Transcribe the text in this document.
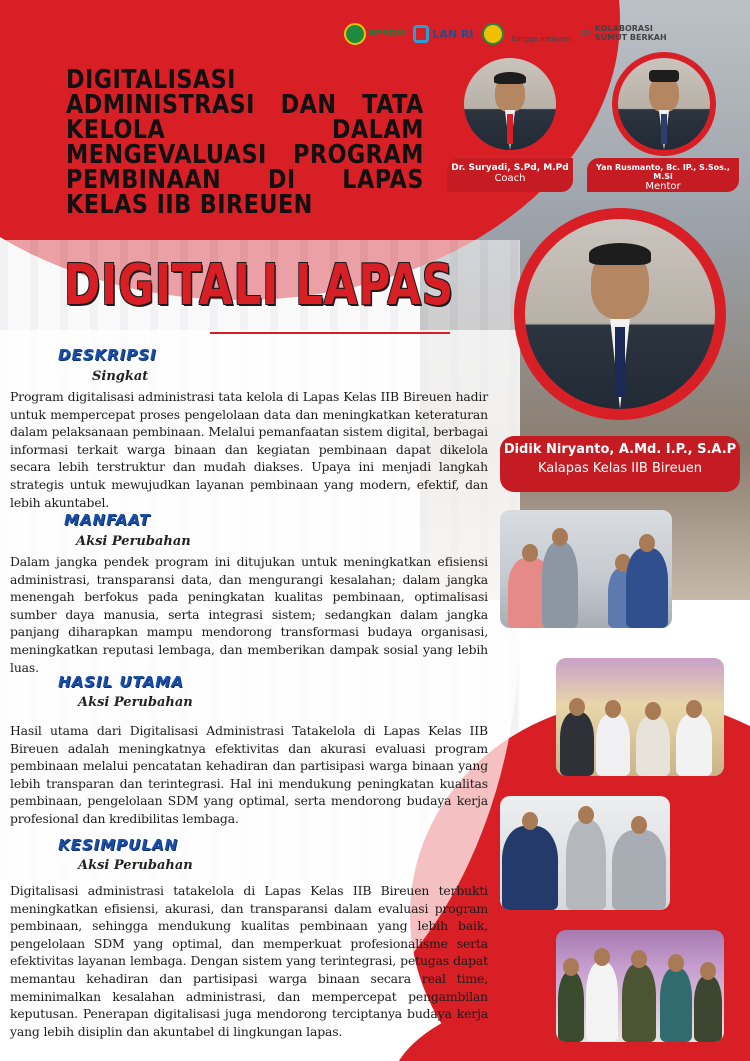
BPSDM LAN RI	BERKUMAK
bangga melayani ∞ KOLABORASI
SUMUT BERKAH
DIGITALISASI ADMINISTRASI DAN TATA KELOLA DALAM MENGEVALUASI PROGRAM PEMBINAAN DI LAPAS KELAS IIB BIREUEN
DIGITALI LAPAS
Dr. Suryadi, S.Pd, M.Pd
Coach
Yan Rusmanto, Bc. IP., S.Sos., M.Si
Mentor
Didik Niryanto, A.Md. I.P., S.A.P
Kalapas Kelas IIB Bireuen
DESKRIPSI
Singkat
Program digitalisasi administrasi tata kelola di Lapas Kelas IIB Bireuen hadir untuk mempercepat proses pengelolaan data dan meningkatkan keteraturan dalam pelaksanaan pembinaan. Melalui pemanfaatan sistem digital, berbagai informasi terkait warga binaan dan kegiatan pembinaan dapat dikelola secara lebih terstruktur dan mudah diakses. Upaya ini menjadi langkah strategis untuk mewujudkan layanan pembinaan yang modern, efektif, dan lebih akuntabel.
MANFAAT
Aksi Perubahan
Dalam jangka pendek program ini ditujukan untuk meningkatkan efisiensi administrasi, transparansi data, dan mengurangi kesalahan; dalam jangka menengah berfokus pada peningkatan kualitas pembinaan, optimalisasi sumber daya manusia, serta integrasi sistem; sedangkan dalam jangka panjang diharapkan mampu mendorong transformasi budaya organisasi, meningkatkan reputasi lembaga, dan memberikan dampak sosial yang lebih luas.
HASIL UTAMA
Aksi Perubahan
Hasil utama dari Digitalisasi Administrasi Tatakelola di Lapas Kelas IIB Bireuen adalah meningkatnya efektivitas dan akurasi evaluasi program pembinaan melalui pencatatan kehadiran dan partisipasi warga binaan yang lebih transparan dan terintegrasi. Hal ini mendukung peningkatan kualitas pembinaan, pengelolaan SDM yang optimal, serta mendorong budaya kerja profesional dan kredibilitas lembaga.
KESIMPULAN
Aksi Perubahan
Digitalisasi administrasi tatakelola di Lapas Kelas IIB Bireuen terbukti meningkatkan efisiensi, akurasi, dan transparansi dalam evaluasi program pembinaan, sehingga mendukung kualitas pembinaan yang lebih baik, pengelolaan SDM yang optimal, dan memperkuat profesionalisme serta efektivitas layanan lembaga. Dengan sistem yang terintegrasi, petugas dapat memantau kehadiran dan partisipasi warga binaan secara real time, meminimalkan kesalahan administrasi, dan mempercepat pengambilan keputusan. Penerapan digitalisasi juga mendorong terciptanya budaya kerja yang lebih disiplin dan akuntabel di lingkungan lapas.
